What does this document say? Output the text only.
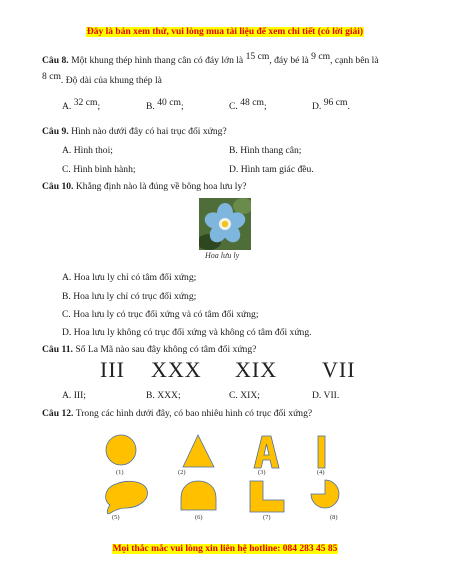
Đây là bản xem thử, vui lòng mua tài liệu để xem chi tiết (có lời giải)
Câu 8. Một khung thép hình thang cân có đáy lớn là 15 cm, đáy bé là 9 cm, cạnh bên là
8 cm. Độ dài của khung thép là
A. 32 cm;	B. 40 cm;	C. 48 cm;	D. 96 cm.
Câu 9. Hình nào dưới đây có hai trục đối xứng?
A. Hình thoi;	B. Hình thang cân;
C. Hình bình hành;	D. Hình tam giác đều.
Câu 10. Khẳng định nào là đúng về bông hoa lưu ly?
Hoa lưu ly
A. Hoa lưu ly chỉ có tâm đối xứng;
B. Hoa lưu ly chỉ có trục đối xứng;
C. Hoa lưu ly có trục đối xứng và có tâm đối xứng;
D. Hoa lưu ly không có trục đối xứng và không có tâm đối xứng.
Câu 11. Số La Mã nào sau đây không có tâm đối xứng?
III XXX XIX VII
A. III;	B. XXX;	C. XIX;	D. VII.
Câu 12. Trong các hình dưới đây, có bao nhiêu hình có trục đối xứng?
(1)	(2)	(3)	(4)
(5)	(6)	(7)	(8)
Mọi thắc mắc vui lòng xin liên hệ hotline: 084 283 45 85
